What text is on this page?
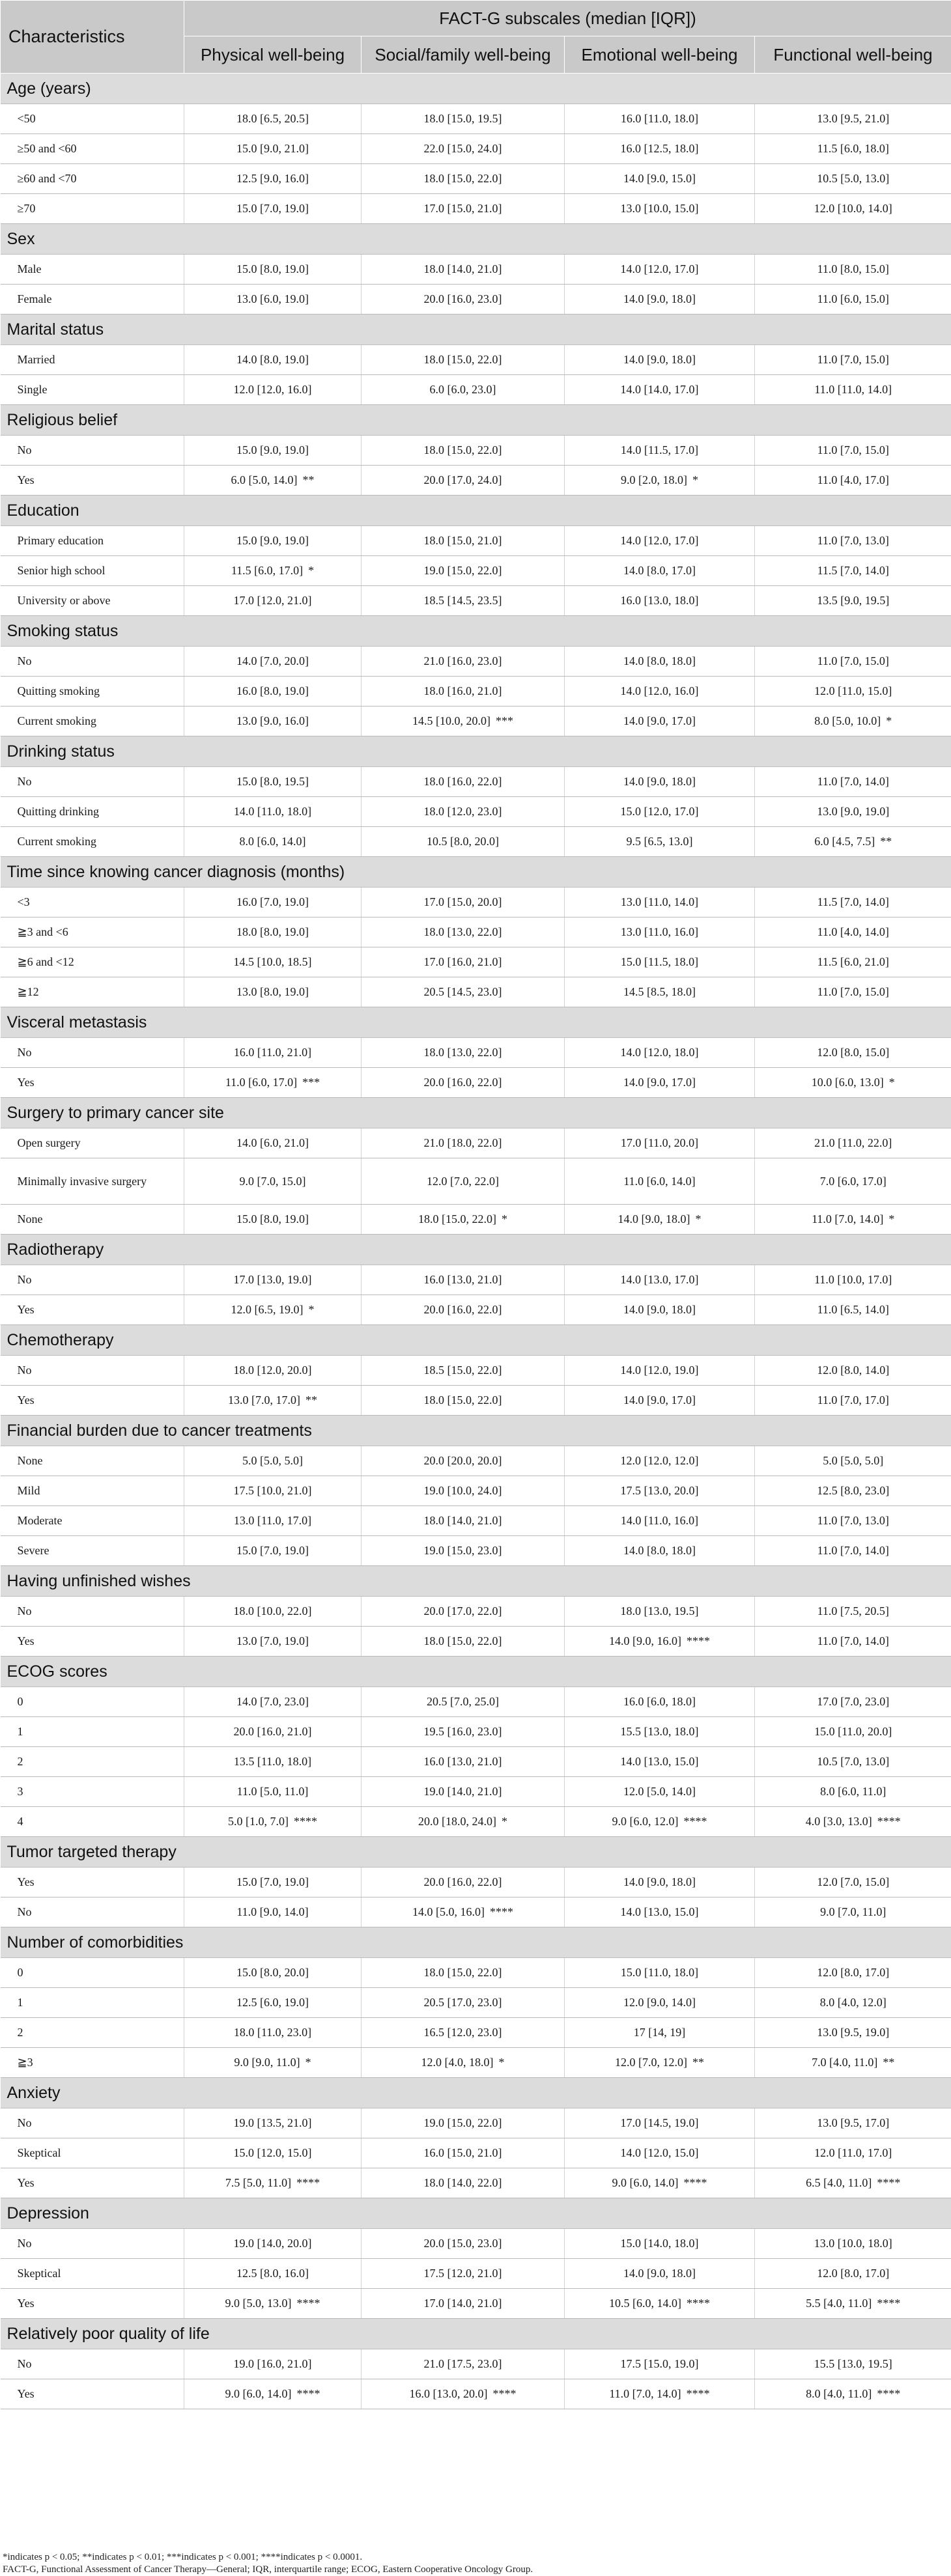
Characteristics	FACT-G subscales (median [IQR])			
	Physical well-being	Social/family well-being	Emotional well-being	Functional well-being
Age (years)				
<50	18.0 [6.5, 20.5]	18.0 [15.0, 19.5]	16.0 [11.0, 18.0]	13.0 [9.5, 21.0]
≥50 and <60	15.0 [9.0, 21.0]	22.0 [15.0, 24.0]	16.0 [12.5, 18.0]	11.5 [6.0, 18.0]
≥60 and <70	12.5 [9.0, 16.0]	18.0 [15.0, 22.0]	14.0 [9.0, 15.0]	10.5 [5.0, 13.0]
≥70	15.0 [7.0, 19.0]	17.0 [15.0, 21.0]	13.0 [10.0, 15.0]	12.0 [10.0, 14.0]
Sex				
Male	15.0 [8.0, 19.0]	18.0 [14.0, 21.0]	14.0 [12.0, 17.0]	11.0 [8.0, 15.0]
Female	13.0 [6.0, 19.0]	20.0 [16.0, 23.0]	14.0 [9.0, 18.0]	11.0 [6.0, 15.0]
Marital status				
Married	14.0 [8.0, 19.0]	18.0 [15.0, 22.0]	14.0 [9.0, 18.0]	11.0 [7.0, 15.0]
Single	12.0 [12.0, 16.0]	6.0 [6.0, 23.0]	14.0 [14.0, 17.0]	11.0 [11.0, 14.0]
Religious belief				
No	15.0 [9.0, 19.0]	18.0 [15.0, 22.0]	14.0 [11.5, 17.0]	11.0 [7.0, 15.0]
Yes	6.0 [5.0, 14.0] **	20.0 [17.0, 24.0]	9.0 [2.0, 18.0] *	11.0 [4.0, 17.0]
Education				
Primary education	15.0 [9.0, 19.0]	18.0 [15.0, 21.0]	14.0 [12.0, 17.0]	11.0 [7.0, 13.0]
Senior high school	11.5 [6.0, 17.0] *	19.0 [15.0, 22.0]	14.0 [8.0, 17.0]	11.5 [7.0, 14.0]
University or above	17.0 [12.0, 21.0]	18.5 [14.5, 23.5]	16.0 [13.0, 18.0]	13.5 [9.0, 19.5]
Smoking status				
No	14.0 [7.0, 20.0]	21.0 [16.0, 23.0]	14.0 [8.0, 18.0]	11.0 [7.0, 15.0]
Quitting smoking	16.0 [8.0, 19.0]	18.0 [16.0, 21.0]	14.0 [12.0, 16.0]	12.0 [11.0, 15.0]
Current smoking	13.0 [9.0, 16.0]	14.5 [10.0, 20.0] ***	14.0 [9.0, 17.0]	8.0 [5.0, 10.0] *
Drinking status				
No	15.0 [8.0, 19.5]	18.0 [16.0, 22.0]	14.0 [9.0, 18.0]	11.0 [7.0, 14.0]
Quitting drinking	14.0 [11.0, 18.0]	18.0 [12.0, 23.0]	15.0 [12.0, 17.0]	13.0 [9.0, 19.0]
Current smoking	8.0 [6.0, 14.0]	10.5 [8.0, 20.0]	9.5 [6.5, 13.0]	6.0 [4.5, 7.5] **
Time since knowing cancer diagnosis (months)				
<3	16.0 [7.0, 19.0]	17.0 [15.0, 20.0]	13.0 [11.0, 14.0]	11.5 [7.0, 14.0]
≧3 and <6	18.0 [8.0, 19.0]	18.0 [13.0, 22.0]	13.0 [11.0, 16.0]	11.0 [4.0, 14.0]
≧6 and <12	14.5 [10.0, 18.5]	17.0 [16.0, 21.0]	15.0 [11.5, 18.0]	11.5 [6.0, 21.0]
≧12	13.0 [8.0, 19.0]	20.5 [14.5, 23.0]	14.5 [8.5, 18.0]	11.0 [7.0, 15.0]
Visceral metastasis				
No	16.0 [11.0, 21.0]	18.0 [13.0, 22.0]	14.0 [12.0, 18.0]	12.0 [8.0, 15.0]
Yes	11.0 [6.0, 17.0] ***	20.0 [16.0, 22.0]	14.0 [9.0, 17.0]	10.0 [6.0, 13.0] *
Surgery to primary cancer site				
Open surgery	14.0 [6.0, 21.0]	21.0 [18.0, 22.0]	17.0 [11.0, 20.0]	21.0 [11.0, 22.0]
Minimally invasive surgery	9.0 [7.0, 15.0]	12.0 [7.0, 22.0]	11.0 [6.0, 14.0]	7.0 [6.0, 17.0]
None	15.0 [8.0, 19.0]	18.0 [15.0, 22.0] *	14.0 [9.0, 18.0] *	11.0 [7.0, 14.0] *
Radiotherapy				
No	17.0 [13.0, 19.0]	16.0 [13.0, 21.0]	14.0 [13.0, 17.0]	11.0 [10.0, 17.0]
Yes	12.0 [6.5, 19.0] *	20.0 [16.0, 22.0]	14.0 [9.0, 18.0]	11.0 [6.5, 14.0]
Chemotherapy				
No	18.0 [12.0, 20.0]	18.5 [15.0, 22.0]	14.0 [12.0, 19.0]	12.0 [8.0, 14.0]
Yes	13.0 [7.0, 17.0] **	18.0 [15.0, 22.0]	14.0 [9.0, 17.0]	11.0 [7.0, 17.0]
Financial burden due to cancer treatments				
None	5.0 [5.0, 5.0]	20.0 [20.0, 20.0]	12.0 [12.0, 12.0]	5.0 [5.0, 5.0]
Mild	17.5 [10.0, 21.0]	19.0 [10.0, 24.0]	17.5 [13.0, 20.0]	12.5 [8.0, 23.0]
Moderate	13.0 [11.0, 17.0]	18.0 [14.0, 21.0]	14.0 [11.0, 16.0]	11.0 [7.0, 13.0]
Severe	15.0 [7.0, 19.0]	19.0 [15.0, 23.0]	14.0 [8.0, 18.0]	11.0 [7.0, 14.0]
Having unfinished wishes				
No	18.0 [10.0, 22.0]	20.0 [17.0, 22.0]	18.0 [13.0, 19.5]	11.0 [7.5, 20.5]
Yes	13.0 [7.0, 19.0]	18.0 [15.0, 22.0]	14.0 [9.0, 16.0] ****	11.0 [7.0, 14.0]
ECOG scores				
0	14.0 [7.0, 23.0]	20.5 [7.0, 25.0]	16.0 [6.0, 18.0]	17.0 [7.0, 23.0]
1	20.0 [16.0, 21.0]	19.5 [16.0, 23.0]	15.5 [13.0, 18.0]	15.0 [11.0, 20.0]
2	13.5 [11.0, 18.0]	16.0 [13.0, 21.0]	14.0 [13.0, 15.0]	10.5 [7.0, 13.0]
3	11.0 [5.0, 11.0]	19.0 [14.0, 21.0]	12.0 [5.0, 14.0]	8.0 [6.0, 11.0]
4	5.0 [1.0, 7.0] ****	20.0 [18.0, 24.0] *	9.0 [6.0, 12.0] ****	4.0 [3.0, 13.0] ****
Tumor targeted therapy				
Yes	15.0 [7.0, 19.0]	20.0 [16.0, 22.0]	14.0 [9.0, 18.0]	12.0 [7.0, 15.0]
No	11.0 [9.0, 14.0]	14.0 [5.0, 16.0] ****	14.0 [13.0, 15.0]	9.0 [7.0, 11.0]
Number of comorbidities				
0	15.0 [8.0, 20.0]	18.0 [15.0, 22.0]	15.0 [11.0, 18.0]	12.0 [8.0, 17.0]
1	12.5 [6.0, 19.0]	20.5 [17.0, 23.0]	12.0 [9.0, 14.0]	8.0 [4.0, 12.0]
2	18.0 [11.0, 23.0]	16.5 [12.0, 23.0]	17 [14, 19]	13.0 [9.5, 19.0]
≧3	9.0 [9.0, 11.0] *	12.0 [4.0, 18.0] *	12.0 [7.0, 12.0] **	7.0 [4.0, 11.0] **
Anxiety				
No	19.0 [13.5, 21.0]	19.0 [15.0, 22.0]	17.0 [14.5, 19.0]	13.0 [9.5, 17.0]
Skeptical	15.0 [12.0, 15.0]	16.0 [15.0, 21.0]	14.0 [12.0, 15.0]	12.0 [11.0, 17.0]
Yes	7.5 [5.0, 11.0] ****	18.0 [14.0, 22.0]	9.0 [6.0, 14.0] ****	6.5 [4.0, 11.0] ****
Depression				
No	19.0 [14.0, 20.0]	20.0 [15.0, 23.0]	15.0 [14.0, 18.0]	13.0 [10.0, 18.0]
Skeptical	12.5 [8.0, 16.0]	17.5 [12.0, 21.0]	14.0 [9.0, 18.0]	12.0 [8.0, 17.0]
Yes	9.0 [5.0, 13.0] ****	17.0 [14.0, 21.0]	10.5 [6.0, 14.0] ****	5.5 [4.0, 11.0] ****
Relatively poor quality of life				
No	19.0 [16.0, 21.0]	21.0 [17.5, 23.0]	17.5 [15.0, 19.0]	15.5 [13.0, 19.5]
Yes	9.0 [6.0, 14.0] ****	16.0 [13.0, 20.0] ****	11.0 [7.0, 14.0] ****	8.0 [4.0, 11.0] ****
*indicates p < 0.05; **indicates p < 0.01; ***indicates p < 0.001; ****indicates p < 0.0001.
FACT-G, Functional Assessment of Cancer Therapy—General; IQR, interquartile range; ECOG, Eastern Cooperative Oncology Group.
